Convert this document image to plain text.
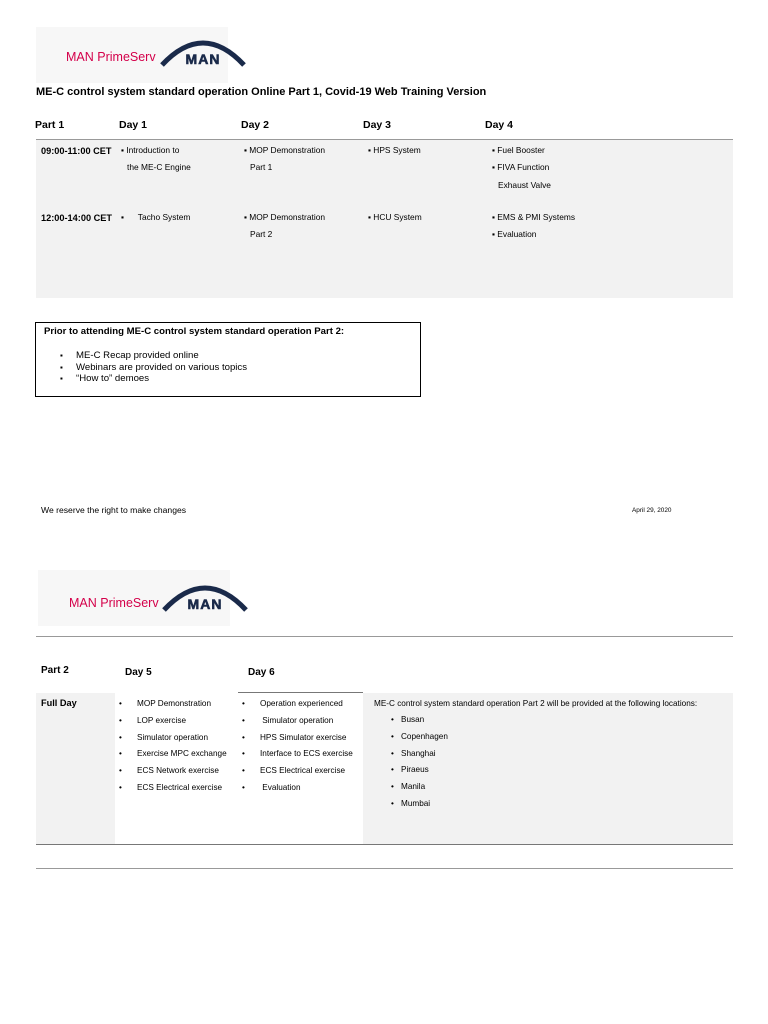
MAN PrimeServ MAN
ME-C control system standard operation Online Part 1, Covid-19 Web Training Version
Part 1	Day 1	Day 2	Day 3	Day 4
09:00-11:00 CET ▪ Introduction to
the ME-C Engine
▪ MOP Demonstration
Part 1
▪ HPS System	▪ Fuel Booster
▪ FIVA Function
Exhaust Valve
12:00-14:00 CET ▪      Tacho System	▪ MOP Demonstration
Part 2
▪ HCU System	▪ EMS & PMI Systems
▪ Evaluation
Prior to attending ME-C control system standard operation Part 2:
▪ ME-C Recap provided online
▪ Webinars are provided on various topics
▪ “How to” demoes
We reserve the right to make changes	April 29, 2020
MAN PrimeServ MAN
Part 2	Day 5	Day 6
Full Day
•	MOP Demonstration
• LOP exercise
• Simulator operation
• Exercise MPC exchange
• ECS Network exercise
• ECS Electrical exercise
• Operation experienced
•  Simulator operation
• HPS Simulator exercise
• Interface to ECS exercise
• ECS Electrical exercise
•  Evaluation
ME-C control system standard operation Part 2 will be provided at the following locations:
• Busan
• Copenhagen
• Shanghai
• Piraeus
• Manila
• Mumbai
